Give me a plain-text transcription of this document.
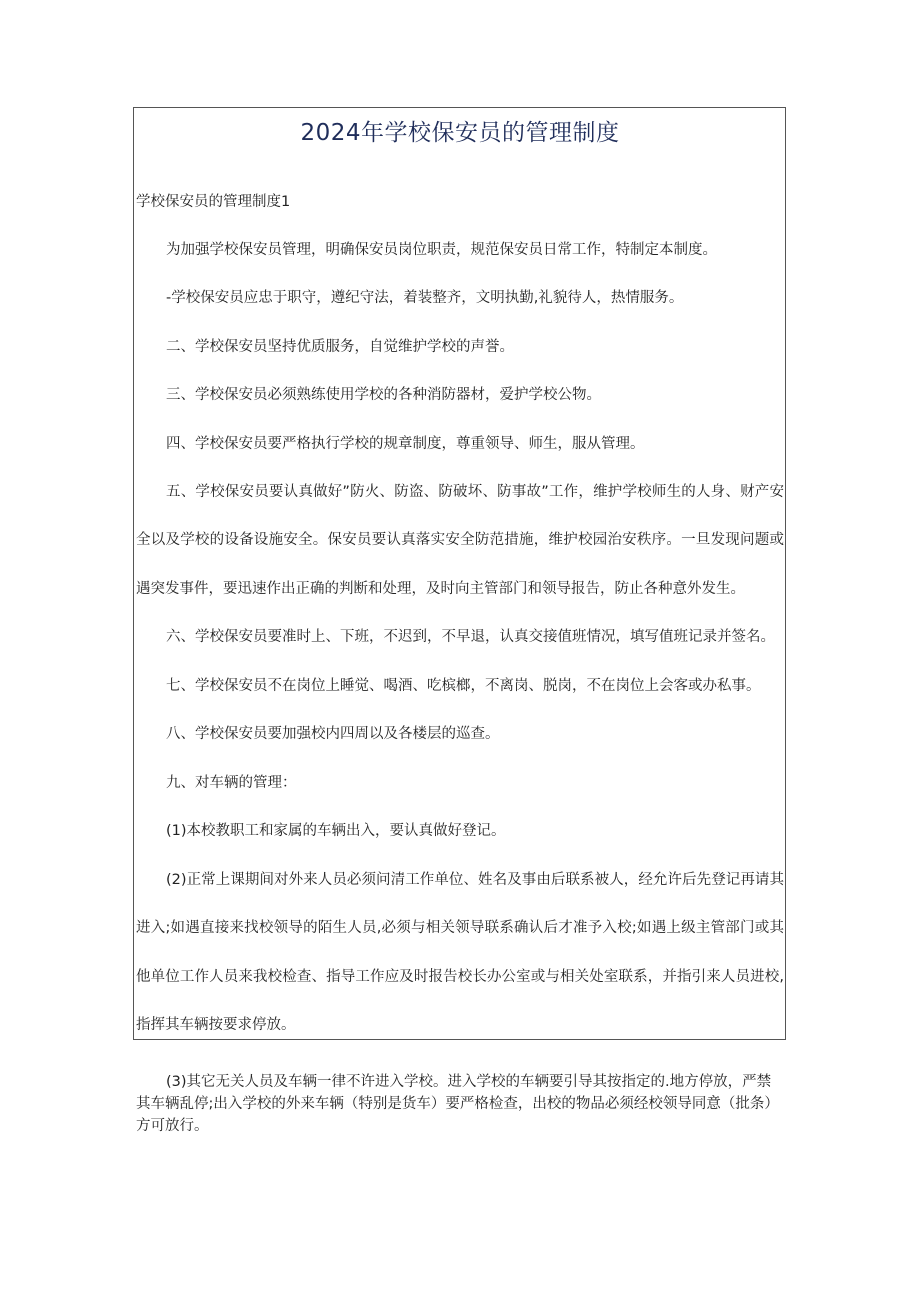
2024年学校保安员的管理制度
学校保安员的管理制度1
为加强学校保安员管理，明确保安员岗位职责，规范保安员日常工作，特制定本制度。
-学校保安员应忠于职守，遵纪守法，着装整齐，文明执勤,礼貌待人，热情服务。
二、学校保安员坚持优质服务，自觉维护学校的声誉。
三、学校保安员必须熟练使用学校的各种消防器材，爱护学校公物。
四、学校保安员要严格执行学校的规章制度，尊重领导、师生，服从管理。
五、学校保安员要认真做好”防火、防盗、防破坏、防事故”工作，维护学校师生的人身、财产安
全以及学校的设备设施安全。保安员要认真落实安全防范措施，维护校园治安秩序。一旦发现问题或
遇突发事件，要迅速作出正确的判断和处理，及时向主管部门和领导报告，防止各种意外发生。
六、学校保安员要准时上、下班，不迟到，不早退，认真交接值班情况，填写值班记录并签名。
七、学校保安员不在岗位上睡觉、喝酒、吃槟榔，不离岗、脱岗，不在岗位上会客或办私事。
八、学校保安员要加强校内四周以及各楼层的巡查。
九、对车辆的管理：
(1)本校教职工和家属的车辆出入，要认真做好登记。
(2)正常上课期间对外来人员必须问清工作单位、姓名及事由后联系被人，经允许后先登记再请其
进入;如遇直接来找校领导的陌生人员,必须与相关领导联系确认后才准予入校;如遇上级主管部门或其
他单位工作人员来我校检查、指导工作应及时报告校长办公室或与相关处室联系，并指引来人员进校,
指挥其车辆按要求停放。
(3)其它无关人员及车辆一律不许进入学校。进入学校的车辆要引导其按指定的.地方停放，严禁
其车辆乱停;出入学校的外来车辆（特别是货车）要严格检查，出校的物品必须经校领导同意（批条）
方可放行。
